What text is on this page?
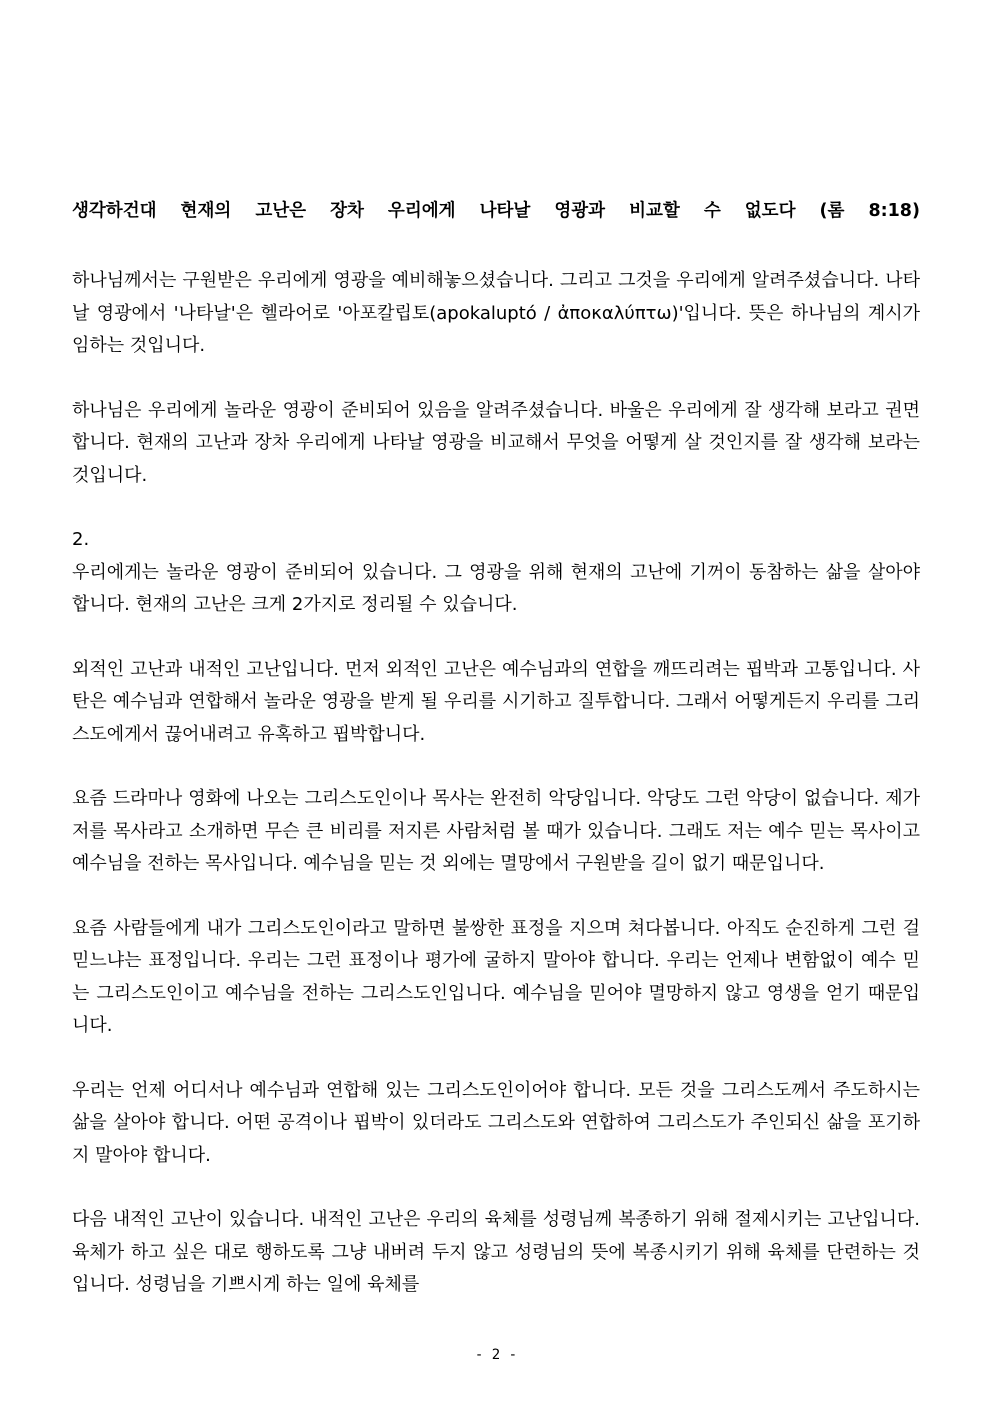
생각하건대 현재의 고난은 장차 우리에게 나타날 영광과 비교할 수 없도다 (롬 8:18)

하나님께서는 구원받은 우리에게 영광을 예비해놓으셨습니다. 그리고 그것을 우리에게 알려주셨습니다. 나타날 영광에서 '나타날'은 헬라어로 '아포칼립토(apokaluptó / ἀποκαλύπτω)'입니다. 뜻은 하나님의 계시가 임하는 것입니다.

하나님은 우리에게 놀라운 영광이 준비되어 있음을 알려주셨습니다. 바울은 우리에게 잘 생각해 보라고 권면합니다. 현재의 고난과 장차 우리에게 나타날 영광을 비교해서 무엇을 어떻게 살 것인지를 잘 생각해 보라는 것입니다.

2.

우리에게는 놀라운 영광이 준비되어 있습니다. 그 영광을 위해 현재의 고난에 기꺼이 동참하는 삶을 살아야 합니다. 현재의 고난은 크게 2가지로 정리될 수 있습니다.

외적인 고난과 내적인 고난입니다. 먼저 외적인 고난은 예수님과의 연합을 깨뜨리려는 핍박과 고통입니다. 사탄은 예수님과 연합해서 놀라운 영광을 받게 될 우리를 시기하고 질투합니다. 그래서 어떻게든지 우리를 그리스도에게서 끊어내려고 유혹하고 핍박합니다.

요즘 드라마나 영화에 나오는 그리스도인이나 목사는 완전히 악당입니다. 악당도 그런 악당이 없습니다. 제가 저를 목사라고 소개하면 무슨 큰 비리를 저지른 사람처럼 볼 때가 있습니다. 그래도 저는 예수 믿는 목사이고 예수님을 전하는 목사입니다. 예수님을 믿는 것 외에는 멸망에서 구원받을 길이 없기 때문입니다.

요즘 사람들에게 내가 그리스도인이라고 말하면 불쌍한 표정을 지으며 쳐다봅니다. 아직도 순진하게 그런 걸 믿느냐는 표정입니다. 우리는 그런 표정이나 평가에 굴하지 말아야 합니다. 우리는 언제나 변함없이 예수 믿는 그리스도인이고 예수님을 전하는 그리스도인입니다. 예수님을 믿어야 멸망하지 않고 영생을 얻기 때문입니다.

우리는 언제 어디서나 예수님과 연합해 있는 그리스도인이어야 합니다. 모든 것을 그리스도께서 주도하시는 삶을 살아야 합니다. 어떤 공격이나 핍박이 있더라도 그리스도와 연합하여 그리스도가 주인되신 삶을 포기하지 말아야 합니다.

다음 내적인 고난이 있습니다. 내적인 고난은 우리의 육체를 성령님께 복종하기 위해 절제시키는 고난입니다. 육체가 하고 싶은 대로 행하도록 그냥 내버려 두지 않고 성령님의 뜻에 복종시키기 위해 육체를 단련하는 것입니다. 성령님을 기쁘시게 하는 일에 육체를

- 2 -
